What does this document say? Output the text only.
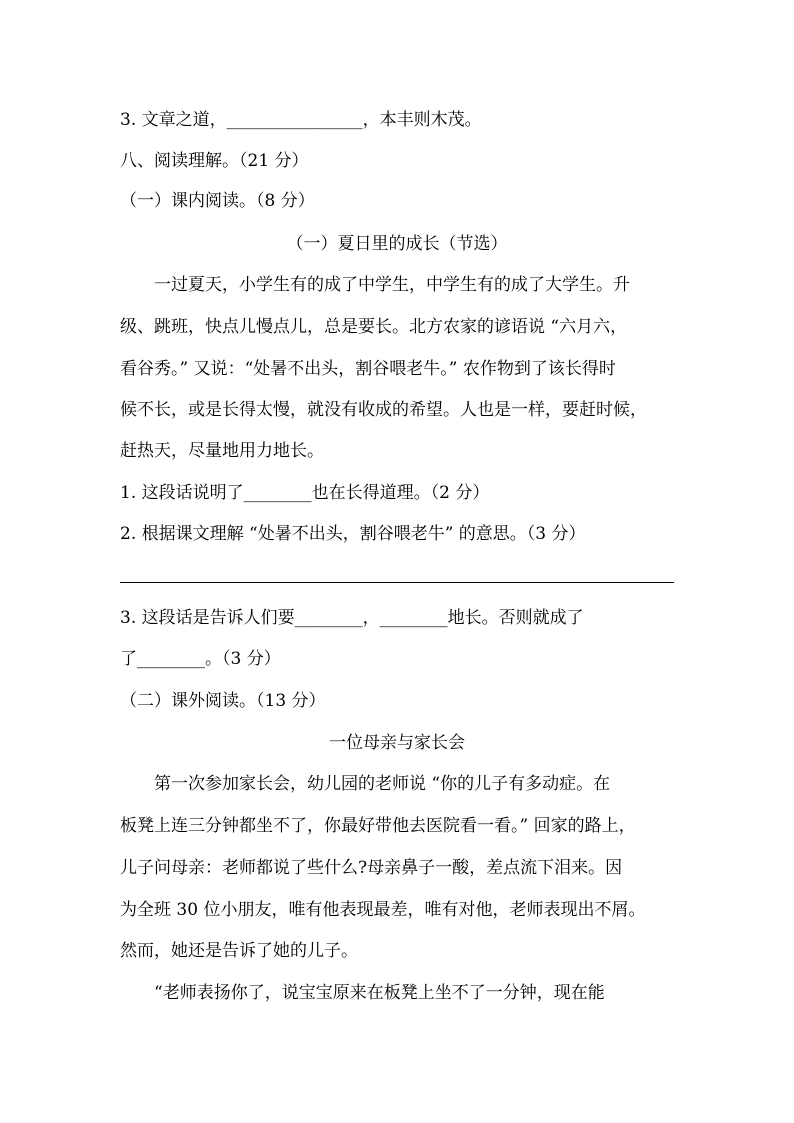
3. 文章之道，________________，本丰则木茂。
八、阅读理解。（21 分）
（一）课内阅读。（8 分）
（一）夏日里的成长（节选）
　　一过夏天，小学生有的成了中学生，中学生有的成了大学生。升
级、跳班，快点儿慢点儿，总是要长。北方农家的谚语说 “六月六，
看谷秀。” 又说：“处暑不出头，割谷喂老牛。” 农作物到了该长得时
候不长，或是长得太慢，就没有收成的希望。人也是一样，要赶时候，
赶热天，尽量地用力地长。
1. 这段话说明了________也在长得道理。（2 分）
2. 根据课文理解 “处暑不出头，割谷喂老牛” 的意思。（3 分）
3. 这段话是告诉人们要________，________地长。否则就成了
了________。（3 分）
（二）课外阅读。（13 分）
一位母亲与家长会
　　第一次参加家长会，幼儿园的老师说 “你的儿子有多动症。在
板凳上连三分钟都坐不了，你最好带他去医院看一看。” 回家的路上，
儿子问母亲：老师都说了些什么?母亲鼻子一酸，差点流下泪来。因
为全班 30 位小朋友，唯有他表现最差，唯有对他，老师表现出不屑。
然而，她还是告诉了她的儿子。
　　“老师表扬你了，说宝宝原来在板凳上坐不了一分钟，现在能
